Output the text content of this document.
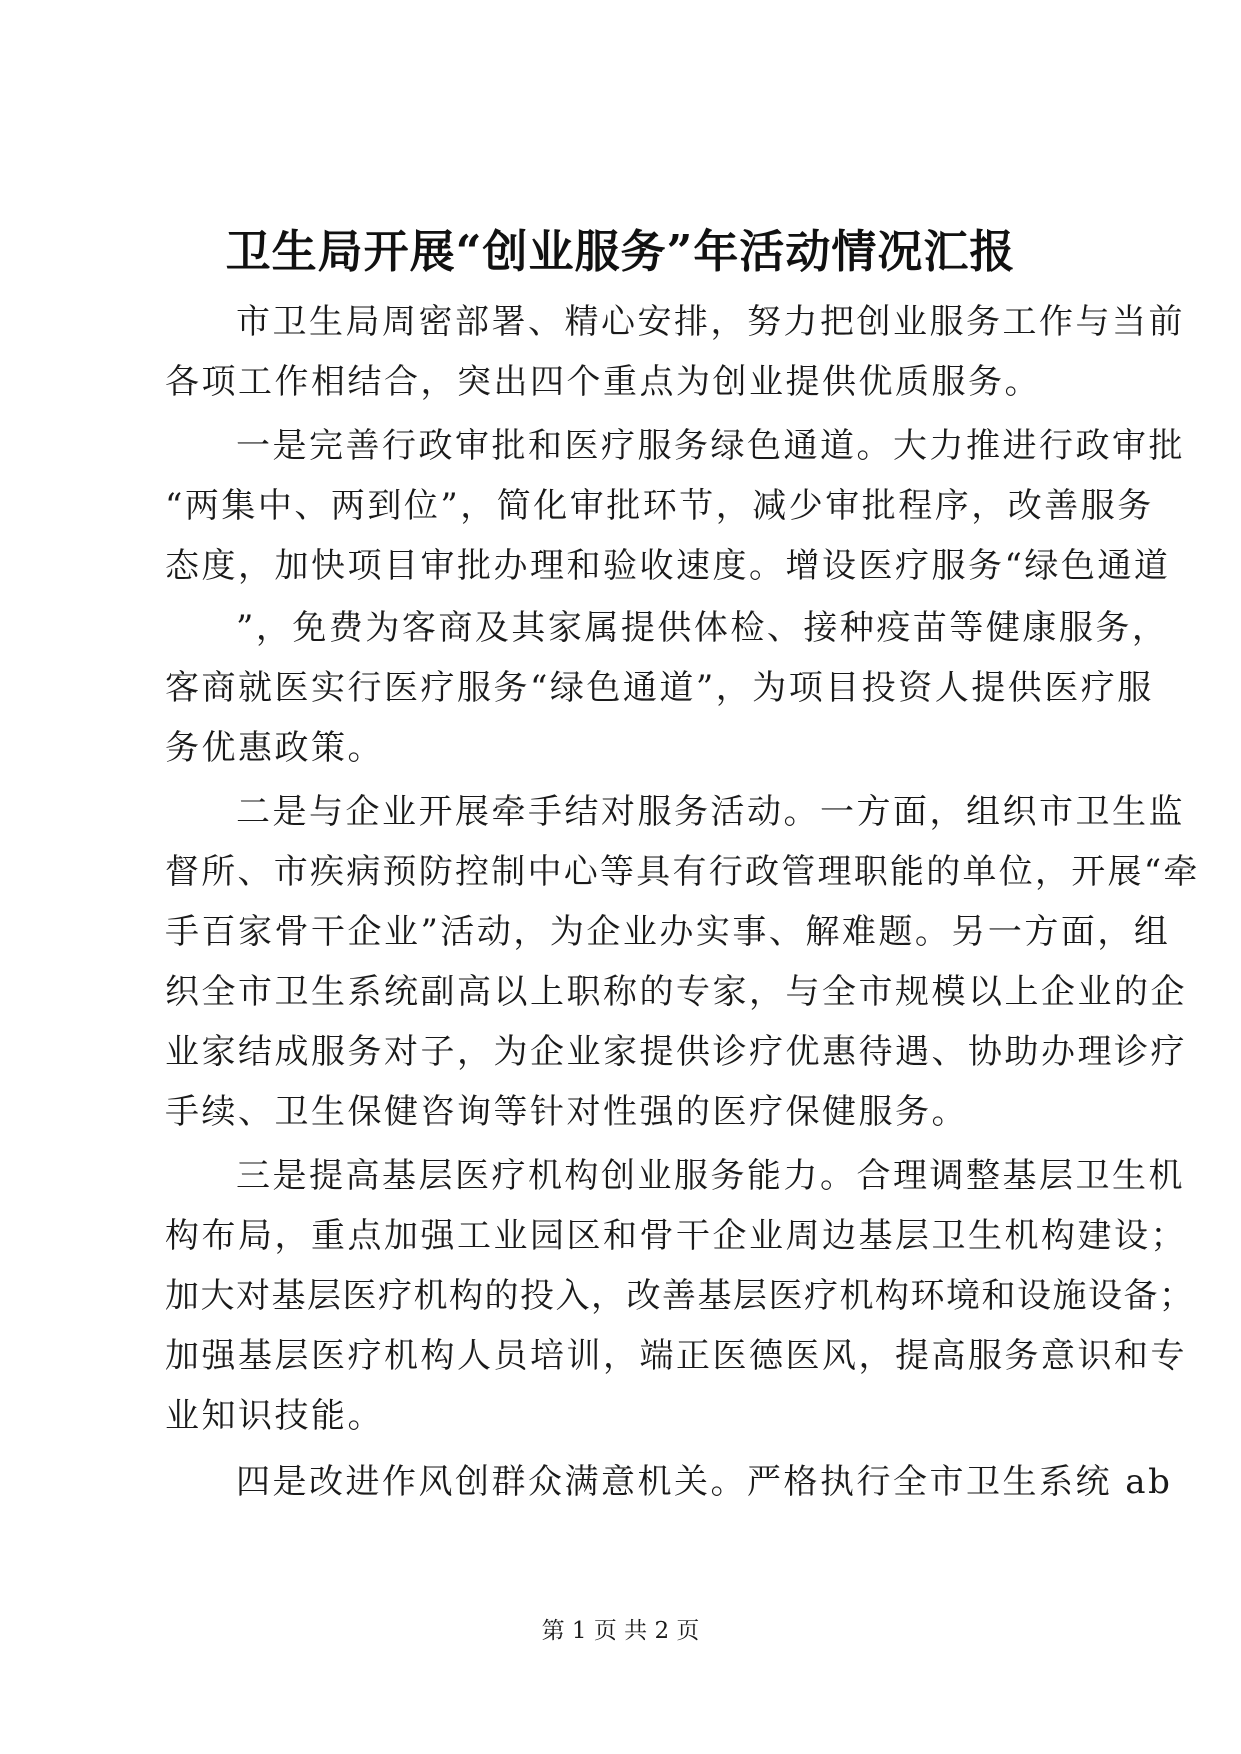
卫生局开展“创业服务”年活动情况汇报
市卫生局周密部署、精心安排，努力把创业服务工作与当前
各项工作相结合，突出四个重点为创业提供优质服务。
一是完善行政审批和医疗服务绿色通道。大力推进行政审批
“两集中、两到位”，简化审批环节，减少审批程序，改善服务
态度，加快项目审批办理和验收速度。增设医疗服务“绿色通道
”，免费为客商及其家属提供体检、接种疫苗等健康服务，
客商就医实行医疗服务“绿色通道”，为项目投资人提供医疗服
务优惠政策。
二是与企业开展牵手结对服务活动。一方面，组织市卫生监
督所、市疾病预防控制中心等具有行政管理职能的单位，开展“牵
手百家骨干企业”活动，为企业办实事、解难题。另一方面，组
织全市卫生系统副高以上职称的专家，与全市规模以上企业的企
业家结成服务对子，为企业家提供诊疗优惠待遇、协助办理诊疗
手续、卫生保健咨询等针对性强的医疗保健服务。
三是提高基层医疗机构创业服务能力。合理调整基层卫生机
构布局，重点加强工业园区和骨干企业周边基层卫生机构建设；
加大对基层医疗机构的投入，改善基层医疗机构环境和设施设备；
加强基层医疗机构人员培训，端正医德医风，提高服务意识和专
业知识技能。
四是改进作风创群众满意机关。严格执行全市卫生系统 ab
第 1 页 共 2 页
